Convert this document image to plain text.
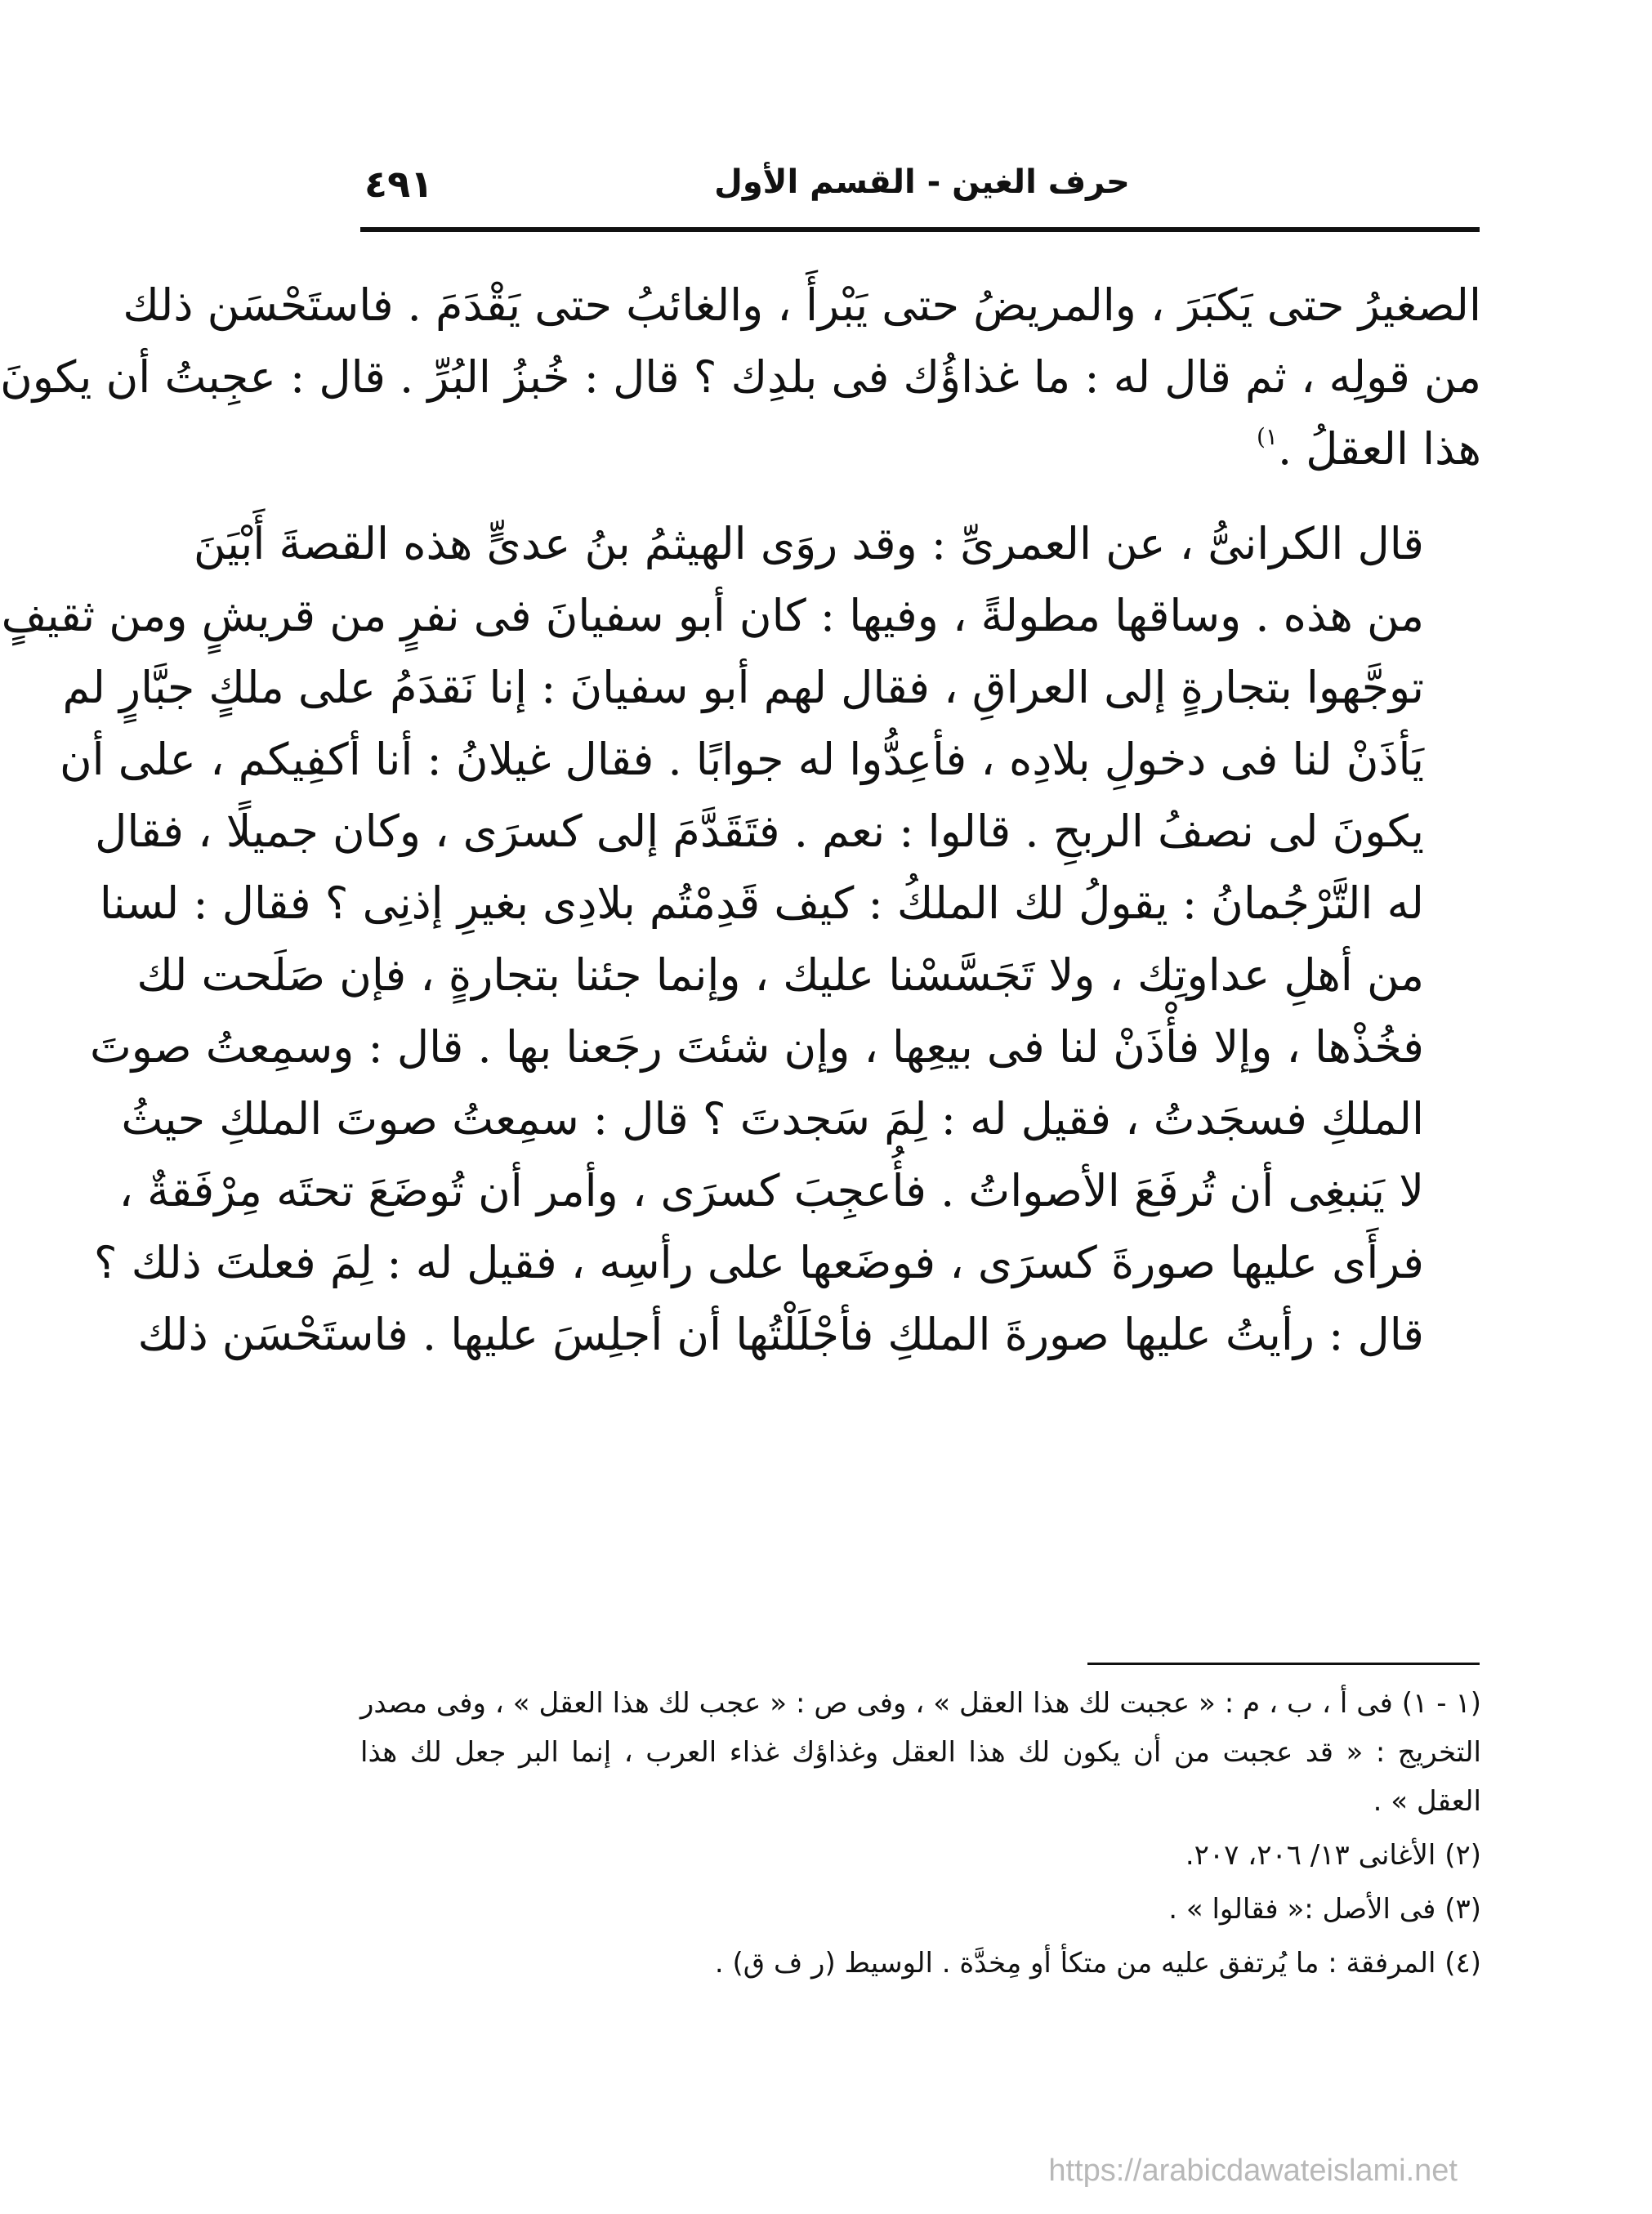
حرف الغين - القسم الأول
٤٩١

الصغيرُ حتى يَكبَرَ ، والمريضُ حتى يَبْرأَ ، والغائبُ حتى يَقْدَمَ . فاستَحْسَن ذلك
من قولِه ، ثم قال له : ما غذاؤُك فى بلدِك ؟ قال : خُبزُ البُرِّ . قال : عجِبتُ أن يكونَ
هذا العقلُ .$^{١)}$

قال الكرانىُّ ، عن العمرىِّ : وقد روَى الهيثمُ بنُ عدىٍّ هذه القصةَ أَبْيَنَ
من هذه . وساقها مطولةً ، وفيها : كان أبو سفيانَ فى نفرٍ من قريشٍ ومن ثقيفٍ
توجَّهوا بتجارةٍ إلى العراقِ ، فقال لهم أبو سفيانَ : إنا نَقدَمُ على ملكٍ جبَّارٍ لم
يَأذَنْ لنا فى دخولِ بلادِه ، فأعِدُّوا له جوابًا . فقال غيلانُ : أنا أكفِيكم ، على أن
يكونَ لى نصفُ الربحِ . قالوا : نعم . فتَقَدَّمَ إلى كسرَى ، وكان جميلًا ، فقال
له التَّرْجُمانُ : يقولُ لك الملكُ : كيف قَدِمْتُم بلادِى بغيرِ إذنِى ؟ فقال : لسنا
من أهلِ عداوتِك ، ولا تَجَسَّسْنا عليك ، وإنما جئنا بتجارةٍ ، فإن صَلَحت لك
فخُذْها ، وإلا فأْذَنْ لنا فى بيعِها ، وإن شئتَ رجَعنا بها . قال : وسمِعتُ صوتَ
الملكِ فسجَدتُ ، فقيل له : لِمَ سَجدتَ ؟ قال : سمِعتُ صوتَ الملكِ حيثُ
لا يَنبغِى أن تُرفَعَ الأصواتُ . فأُعجِبَ كسرَى ، وأمر أن تُوضَعَ تحتَه مِرْفَقةٌ ،
فرأَى عليها صورةَ كسرَى ، فوضَعها على رأسِه ، فقيل له : لِمَ فعلتَ ذلك ؟
قال : رأيتُ عليها صورةَ الملكِ فأجْلَلْتُها أن أجلِسَ عليها . فاستَحْسَن ذلك

(١ - ١) فى أ ، ب ، م : « عجبت لك هذا العقل » ، وفى ص : « عجب لك هذا العقل » ، وفى مصدر التخريج : « قد عجبت من أن يكون لك هذا العقل وغذاؤك غذاء العرب ، إنما البر جعل لك هذا العقل » .

(٢) الأغانى ١٣/ ٢٠٦، ٢٠٧.

(٣) فى الأصل :« فقالوا » .

(٤) المرفقة : ما يُرتفق عليه من متكأ أو مِخدَّة . الوسيط (ر ف ق) .

https://arabicdawateislami.net
